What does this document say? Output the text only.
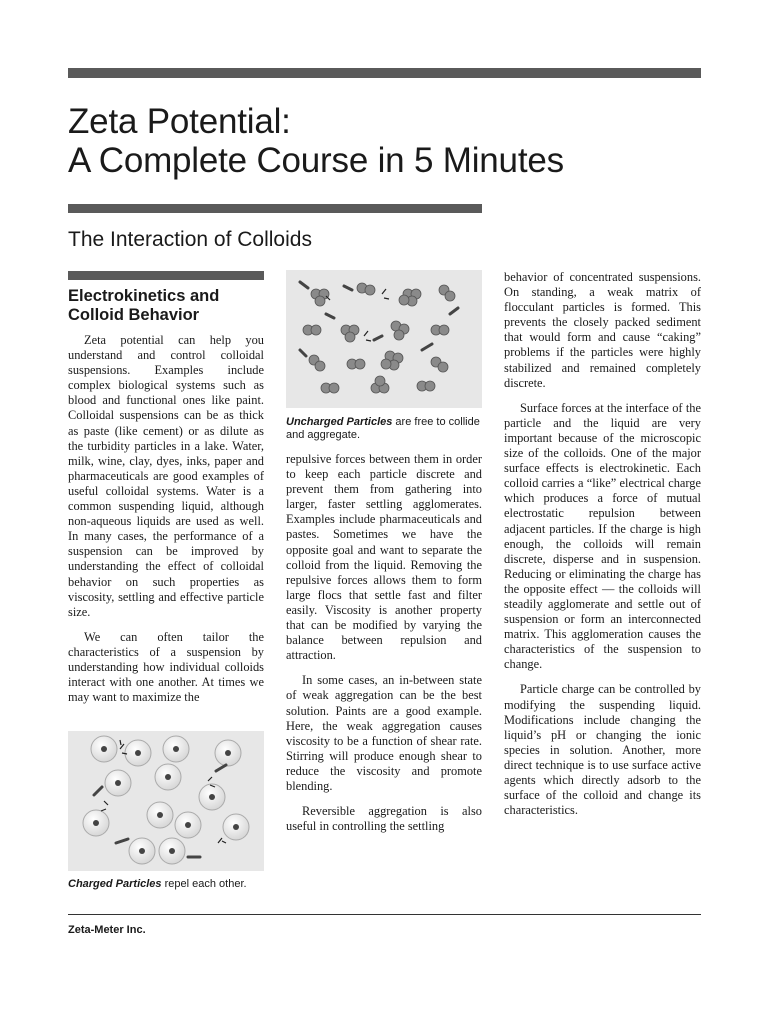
Zeta Potential:
A Complete Course in 5 Minutes
The Interaction of Colloids
Electrokinetics and
Colloid Behavior

Zeta potential can help you understand and control colloidal suspensions. Examples include complex biological systems such as blood and functional ones like paint. Colloidal suspensions can be as thick as paste (like cement) or as dilute as the turbidity particles in a lake. Water, milk, wine, clay, dyes, inks, paper and pharmaceuticals are good examples of useful colloidal systems. Water is a common suspending liquid, although non-aqueous liquids are used as well. In many cases, the performance of a suspension can be improved by understanding the effect of colloidal behavior on such properties as viscosity, settling and effective particle size.

We can often tailor the characteristics of a suspension by understanding how individual colloids interact with one another. At times we may want to maximize the

Charged Particles repel each other.
Uncharged Particles are free to collide and aggregate.

repulsive forces between them in order to keep each particle discrete and prevent them from gathering into larger, faster settling agglomerates. Examples include pharmaceuticals and pastes. Sometimes we have the opposite goal and want to separate the colloid from the liquid. Removing the repulsive forces allows them to form large flocs that settle fast and filter easily. Viscosity is another property that can be modified by varying the balance between repulsion and attraction.

In some cases, an in-between state of weak aggregation can be the best solution. Paints are a good example. Here, the weak aggregation causes viscosity to be a function of shear rate. Stirring will produce enough shear to reduce the viscosity and promote blending.

Reversible aggregation is also useful in controlling the settling

behavior of concentrated suspensions. On standing, a weak matrix of flocculant particles is formed. This prevents the closely packed sediment that would form and cause “caking” problems if the particles were highly stabilized and remained completely discrete.

Surface forces at the interface of the particle and the liquid are very important because of the microscopic size of the colloids. One of the major surface effects is electrokinetic. Each colloid carries a “like” electrical charge which produces a force of mutual electrostatic repulsion between adjacent particles. If the charge is high enough, the colloids will remain discrete, disperse and in suspension. Reducing or eliminating the charge has the opposite effect — the colloids will steadily agglomerate and settle out of suspension or form an interconnected matrix. This agglomeration causes the characteristics of the suspension to change.

Particle charge can be controlled by modifying the suspending liquid. Modifications include changing the liquid’s pH or changing the ionic species in solution. Another, more direct technique is to use surface active agents which directly adsorb to the surface of the colloid and change its characteristics.

Zeta-Meter Inc.
